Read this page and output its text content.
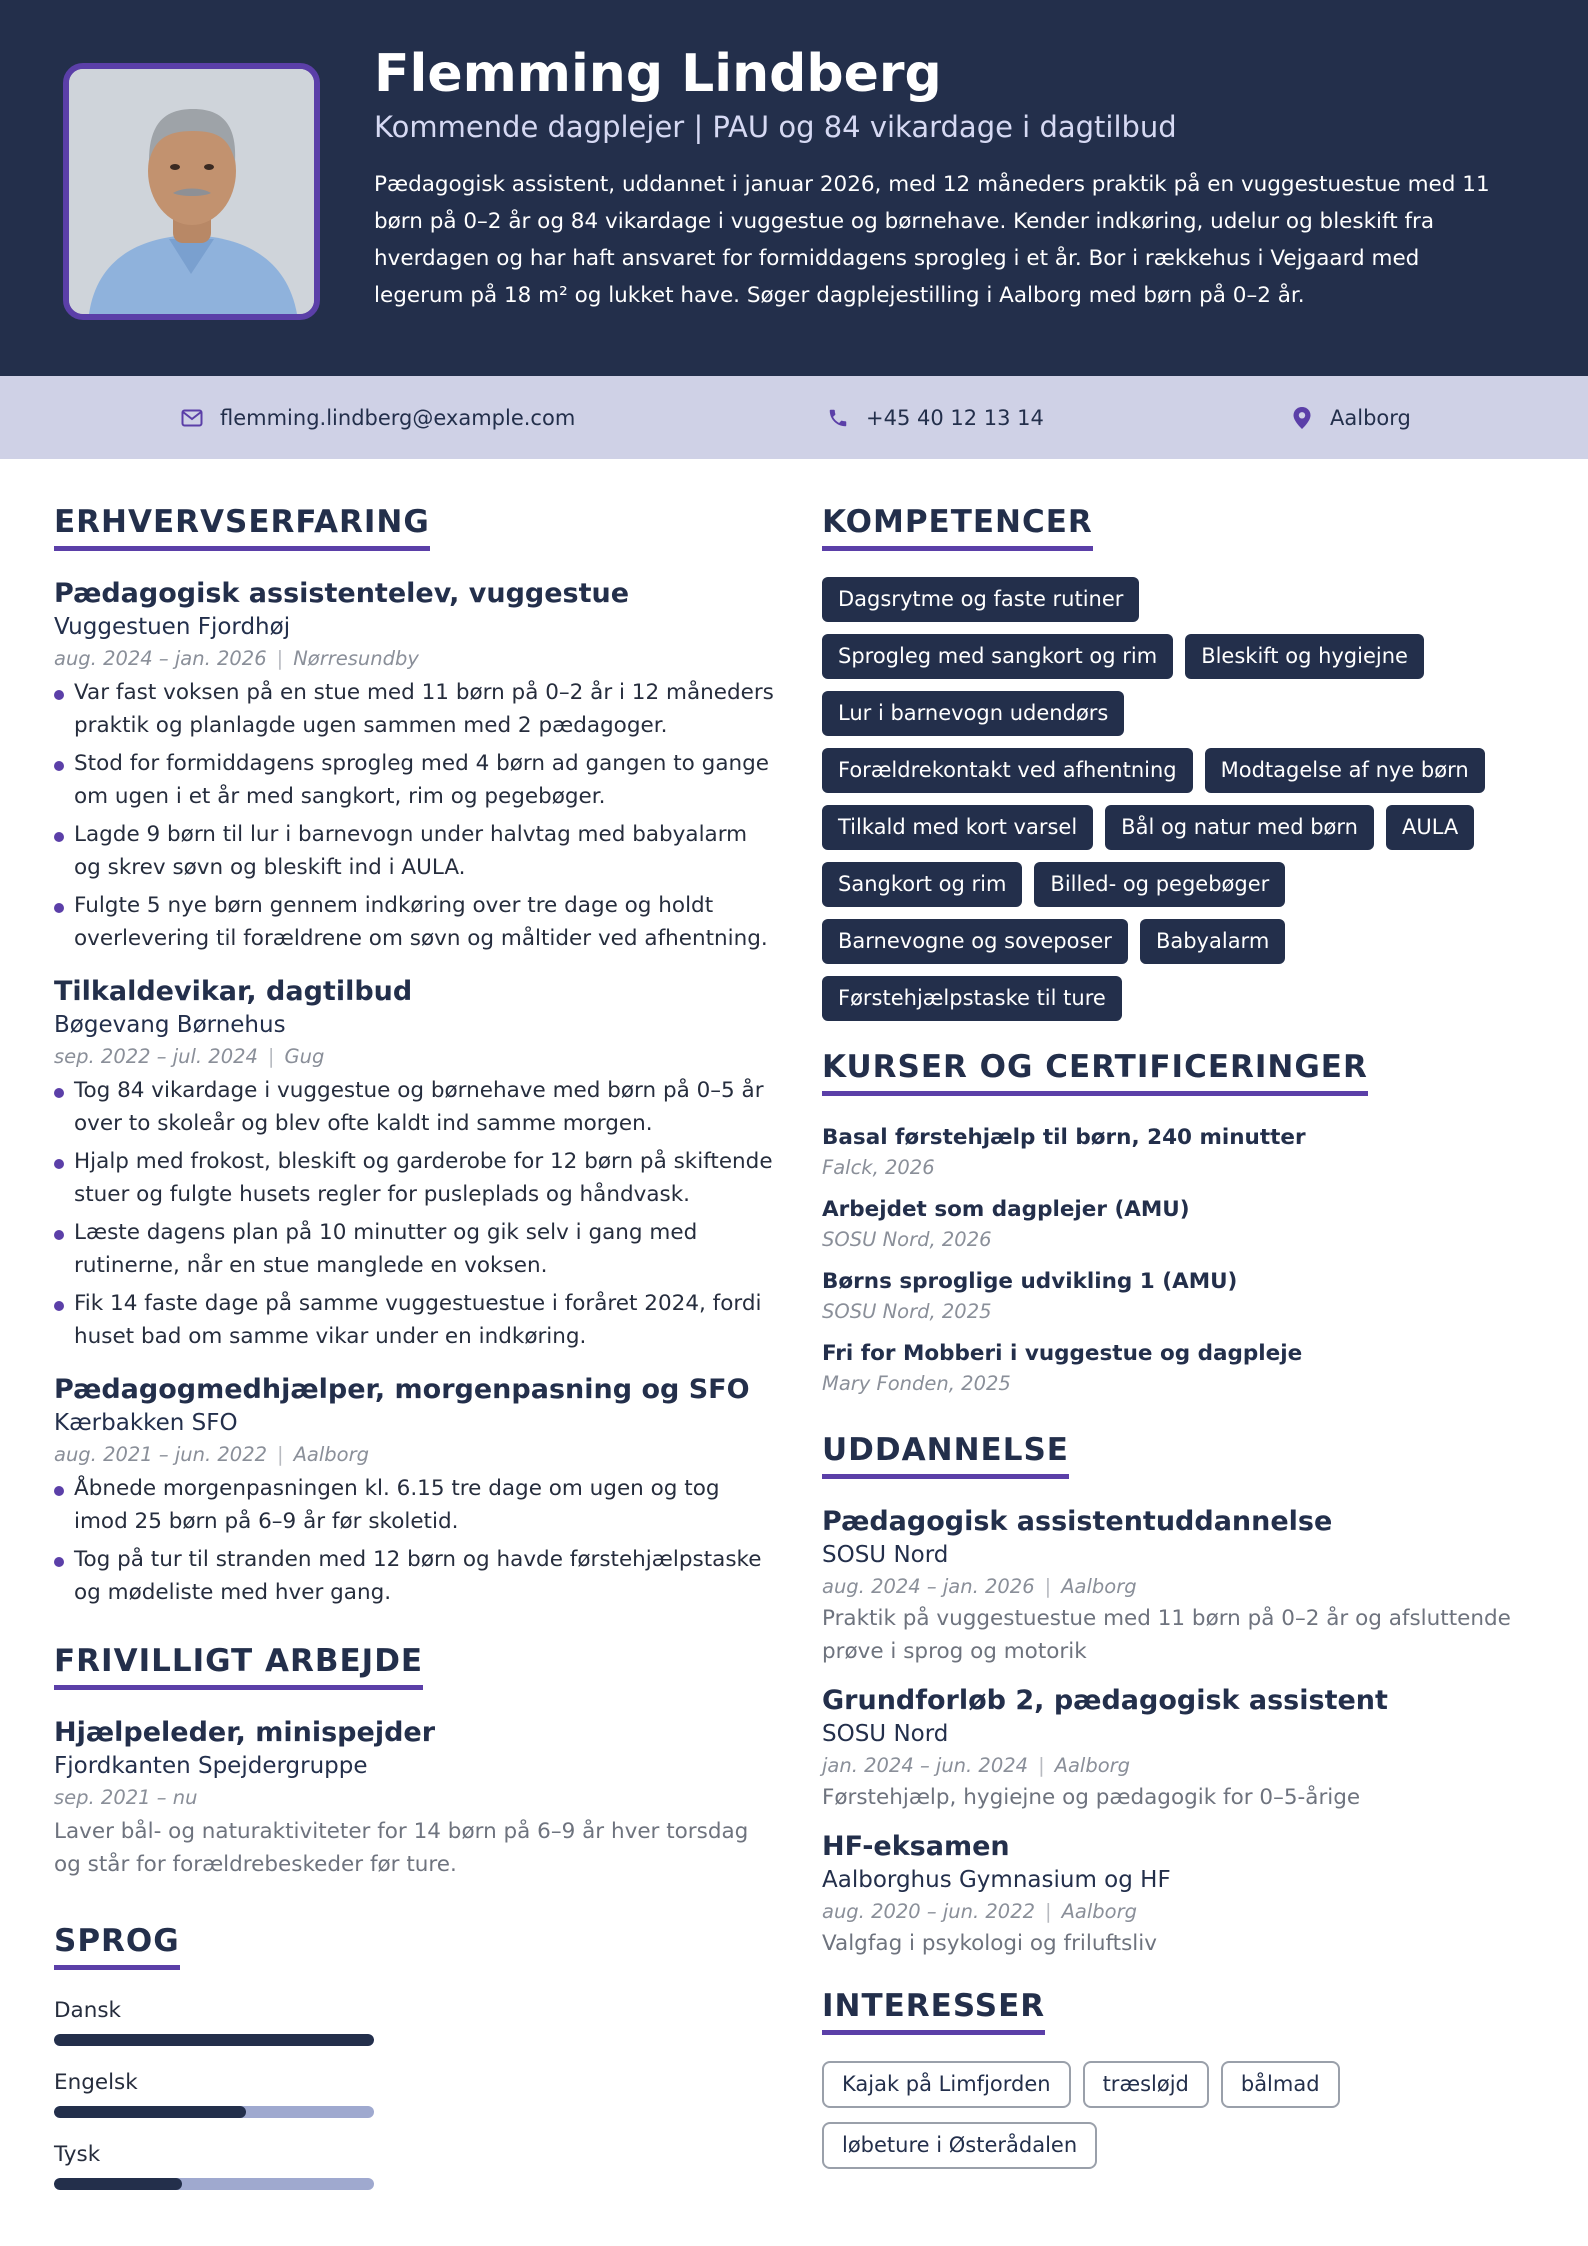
Flemming Lindberg
Kommende dagplejer | PAU og 84 vikardage i dagtilbud
Pædagogisk assistent, uddannet i januar 2026, med 12 måneders praktik på en vuggestuestue med 11 børn på 0–2 år og 84 vikardage i vuggestue og børnehave. Kender indkøring, udelur og bleskift fra hverdagen og har haft ansvaret for formiddagens sprogleg i et år. Bor i rækkehus i Vejgaard med legerum på 18 m² og lukket have. Søger dagplejestilling i Aalborg med børn på 0–2 år.
flemming.lindberg@example.com	+45 40 12 13 14	Aalborg
ERHVERVSERFARING
Pædagogisk assistentelev, vuggestue
Vuggestuen Fjordhøj
aug. 2024 – jan. 2026 | Nørresundby
Var fast voksen på en stue med 11 børn på 0–2 år i 12 måneders praktik og planlagde ugen sammen med 2 pædagoger.
Stod for formiddagens sprogleg med 4 børn ad gangen to gange om ugen i et år med sangkort, rim og pegebøger.
Lagde 9 børn til lur i barnevogn under halvtag med babyalarm og skrev søvn og bleskift ind i AULA.
Fulgte 5 nye børn gennem indkøring over tre dage og holdt overlevering til forældrene om søvn og måltider ved afhentning.
Tilkaldevikar, dagtilbud
Bøgevang Børnehus
sep. 2022 – jul. 2024 | Gug
Tog 84 vikardage i vuggestue og børnehave med børn på 0–5 år over to skoleår og blev ofte kaldt ind samme morgen.
Hjalp med frokost, bleskift og garderobe for 12 børn på skiftende stuer og fulgte husets regler for pusleplads og håndvask.
Læste dagens plan på 10 minutter og gik selv i gang med rutinerne, når en stue manglede en voksen.
Fik 14 faste dage på samme vuggestuestue i foråret 2024, fordi huset bad om samme vikar under en indkøring.
Pædagogmedhjælper, morgenpasning og SFO
Kærbakken SFO
aug. 2021 – jun. 2022 | Aalborg
Åbnede morgenpasningen kl. 6.15 tre dage om ugen og tog imod 25 børn på 6–9 år før skoletid.
Tog på tur til stranden med 12 børn og havde førstehjælpstaske og mødeliste med hver gang.
FRIVILLIGT ARBEJDE
Hjælpeleder, minispejder
Fjordkanten Spejdergruppe
sep. 2021 – nu
Laver bål- og naturaktiviteter for 14 børn på 6–9 år hver torsdag og står for forældrebeskeder før ture.
SPROG
Dansk
Engelsk
Tysk
KOMPETENCER
Dagsrytme og faste rutiner
Sprogleg med sangkort og rim	Bleskift og hygiejne
Lur i barnevogn udendørs
Forældrekontakt ved afhentning	Modtagelse af nye børn
Tilkald med kort varsel	Bål og natur med børn	AULA
Sangkort og rim	Billed- og pegebøger
Barnevogne og soveposer	Babyalarm
Førstehjælpstaske til ture
KURSER OG CERTIFICERINGER
Basal førstehjælp til børn, 240 minutter
Falck, 2026
Arbejdet som dagplejer (AMU)
SOSU Nord, 2026
Børns sproglige udvikling 1 (AMU)
SOSU Nord, 2025
Fri for Mobberi i vuggestue og dagpleje
Mary Fonden, 2025
UDDANNELSE
Pædagogisk assistentuddannelse
SOSU Nord
aug. 2024 – jan. 2026 | Aalborg
Praktik på vuggestuestue med 11 børn på 0–2 år og afsluttende prøve i sprog og motorik
Grundforløb 2, pædagogisk assistent
SOSU Nord
jan. 2024 – jun. 2024 | Aalborg
Førstehjælp, hygiejne og pædagogik for 0–5-årige
HF-eksamen
Aalborghus Gymnasium og HF
aug. 2020 – jun. 2022 | Aalborg
Valgfag i psykologi og friluftsliv
INTERESSER
Kajak på Limfjorden	træsløjd	bålmad
løbeture i Østerådalen
